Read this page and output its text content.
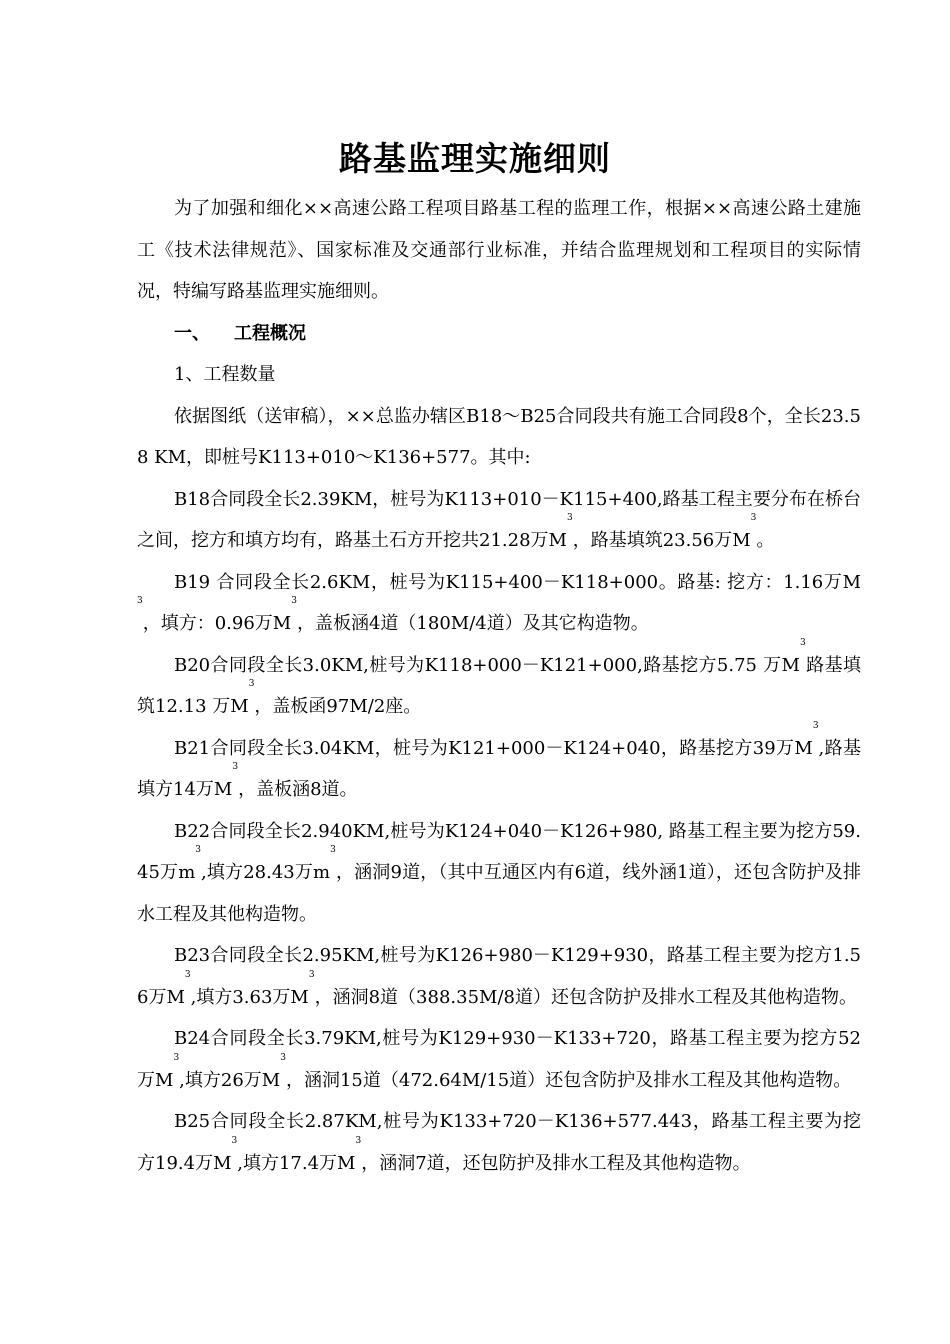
路基监理实施细则

为了加强和细化××高速公路工程项目路基工程的监理工作，根据××高速公路土建施工《技术法律规范》、国家标准及交通部行业标准，并结合监理规划和工程项目的实际情况，特编写路基监理实施细则。

一、 工程概况

1、工程数量

依据图纸（送审稿），××总监办辖区B18～B25合同段共有施工合同段8个，全长23.58 KM，即桩号K113+010～K136+577。其中:

B18合同段全长2.39KM，桩号为K113+010－K115+400,路基工程主要分布在桥台之间，挖方和填方均有，路基土石方开挖共21.28万$M^3$，路基填筑23.56万$M^3$。

B19 合同段全长2.6KM，桩号为K115+400－K118+000。路基: 挖方：1.16万$M^3$，填方：0.96万$M^3$，盖板涵4道（180M/4道）及其它构造物。

B20合同段全长3.0KM,桩号为K118+000－K121+000,路基挖方5.75 万$M^3$路基填筑12.13 万$M^3$，盖板函97M/2座。

B21合同段全长3.04KM，桩号为K121+000－K124+040，路基挖方39万$M^3$,路基填方14万$M^3$，盖板涵8道。

B22合同段全长2.940KM,桩号为K124+040－K126+980, 路基工程主要为挖方59.45万$m^3$,填方28.43万$m^3$，涵洞9道，（其中互通区内有6道，线外涵1道），还包含防护及排水工程及其他构造物。

B23合同段全长2.95KM,桩号为K126+980－K129+930，路基工程主要为挖方1.56万$M^3$,填方3.63万$M^3$，涵洞8道（388.35M/8道）还包含防护及排水工程及其他构造物。

B24合同段全长3.79KM,桩号为K129+930－K133+720，路基工程主要为挖方52万$M^3$,填方26万$M^3$，涵洞15道（472.64M/15道）还包含防护及排水工程及其他构造物。

B25合同段全长2.87KM,桩号为K133+720－K136+577.443，路基工程主要为挖方19.4万$M^3$,填方17.4万$M^3$，涵洞7道，还包防护及排水工程及其他构造物。
